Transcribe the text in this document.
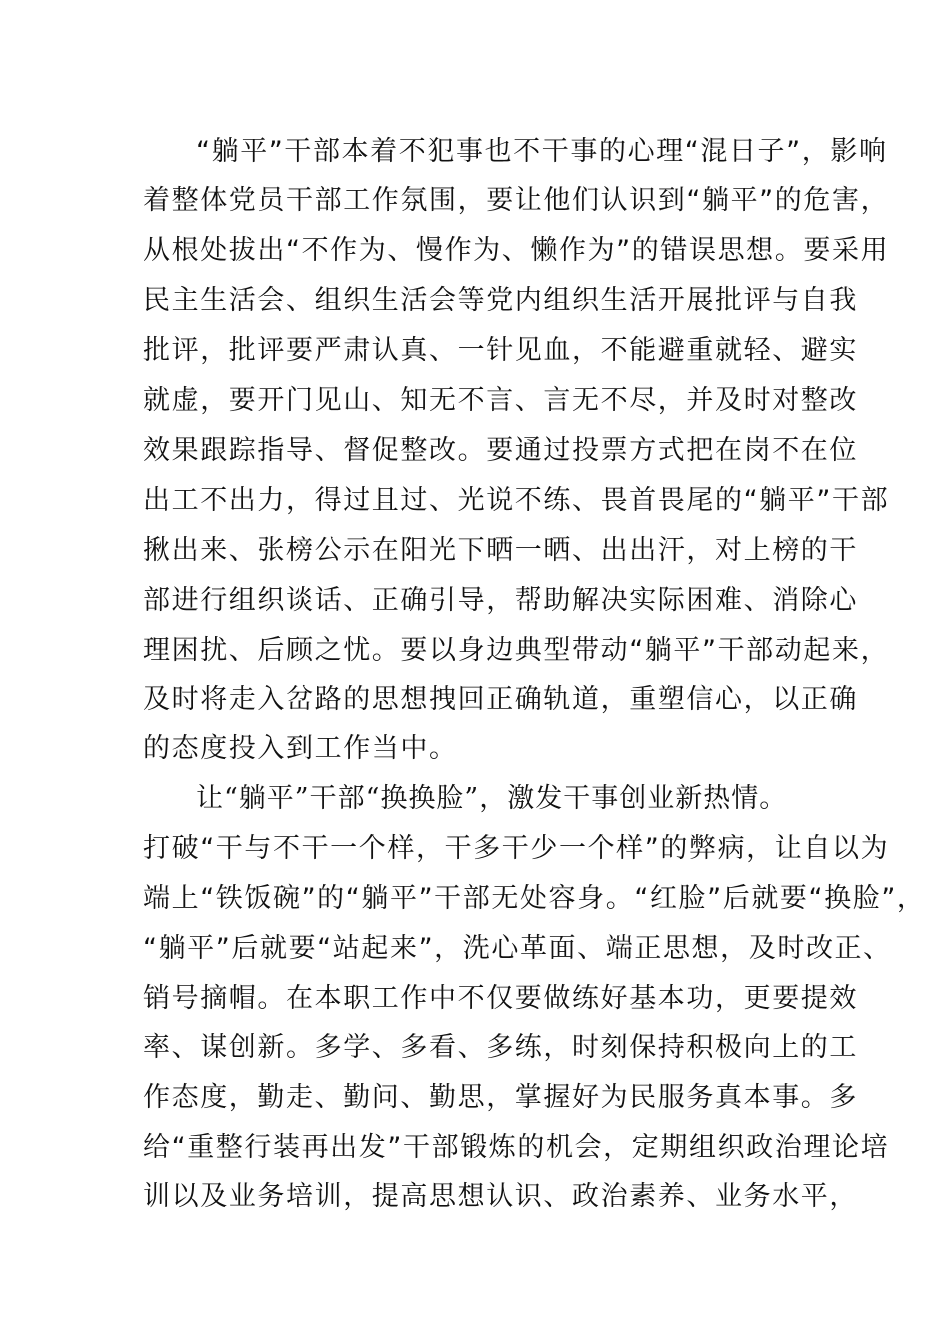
“躺平”干部本着不犯事也不干事的心理“混日子”，影响
着整体党员干部工作氛围，要让他们认识到“躺平”的危害，
从根处拔出“不作为、慢作为、懒作为”的错误思想。要采用
民主生活会、组织生活会等党内组织生活开展批评与自我
批评，批评要严肃认真、一针见血，不能避重就轻、避实
就虚，要开门见山、知无不言、言无不尽，并及时对整改
效果跟踪指导、督促整改。要通过投票方式把在岗不在位
出工不出力，得过且过、光说不练、畏首畏尾的“躺平”干部
揪出来、张榜公示在阳光下晒一晒、出出汗，对上榜的干
部进行组织谈话、正确引导，帮助解决实际困难、消除心
理困扰、后顾之忧。要以身边典型带动“躺平”干部动起来，
及时将走入岔路的思想拽回正确轨道，重塑信心，以正确
的态度投入到工作当中。
让“躺平”干部“换换脸”，激发干事创业新热情。
打破“干与不干一个样，干多干少一个样”的弊病，让自以为
端上“铁饭碗”的“躺平”干部无处容身。“红脸”后就要“换脸”，
“躺平”后就要“站起来”，洗心革面、端正思想，及时改正、
销号摘帽。在本职工作中不仅要做练好基本功，更要提效
率、谋创新。多学、多看、多练，时刻保持积极向上的工
作态度，勤走、勤问、勤思，掌握好为民服务真本事。多
给“重整行装再出发”干部锻炼的机会，定期组织政治理论培
训以及业务培训，提高思想认识、政治素养、业务水平，
